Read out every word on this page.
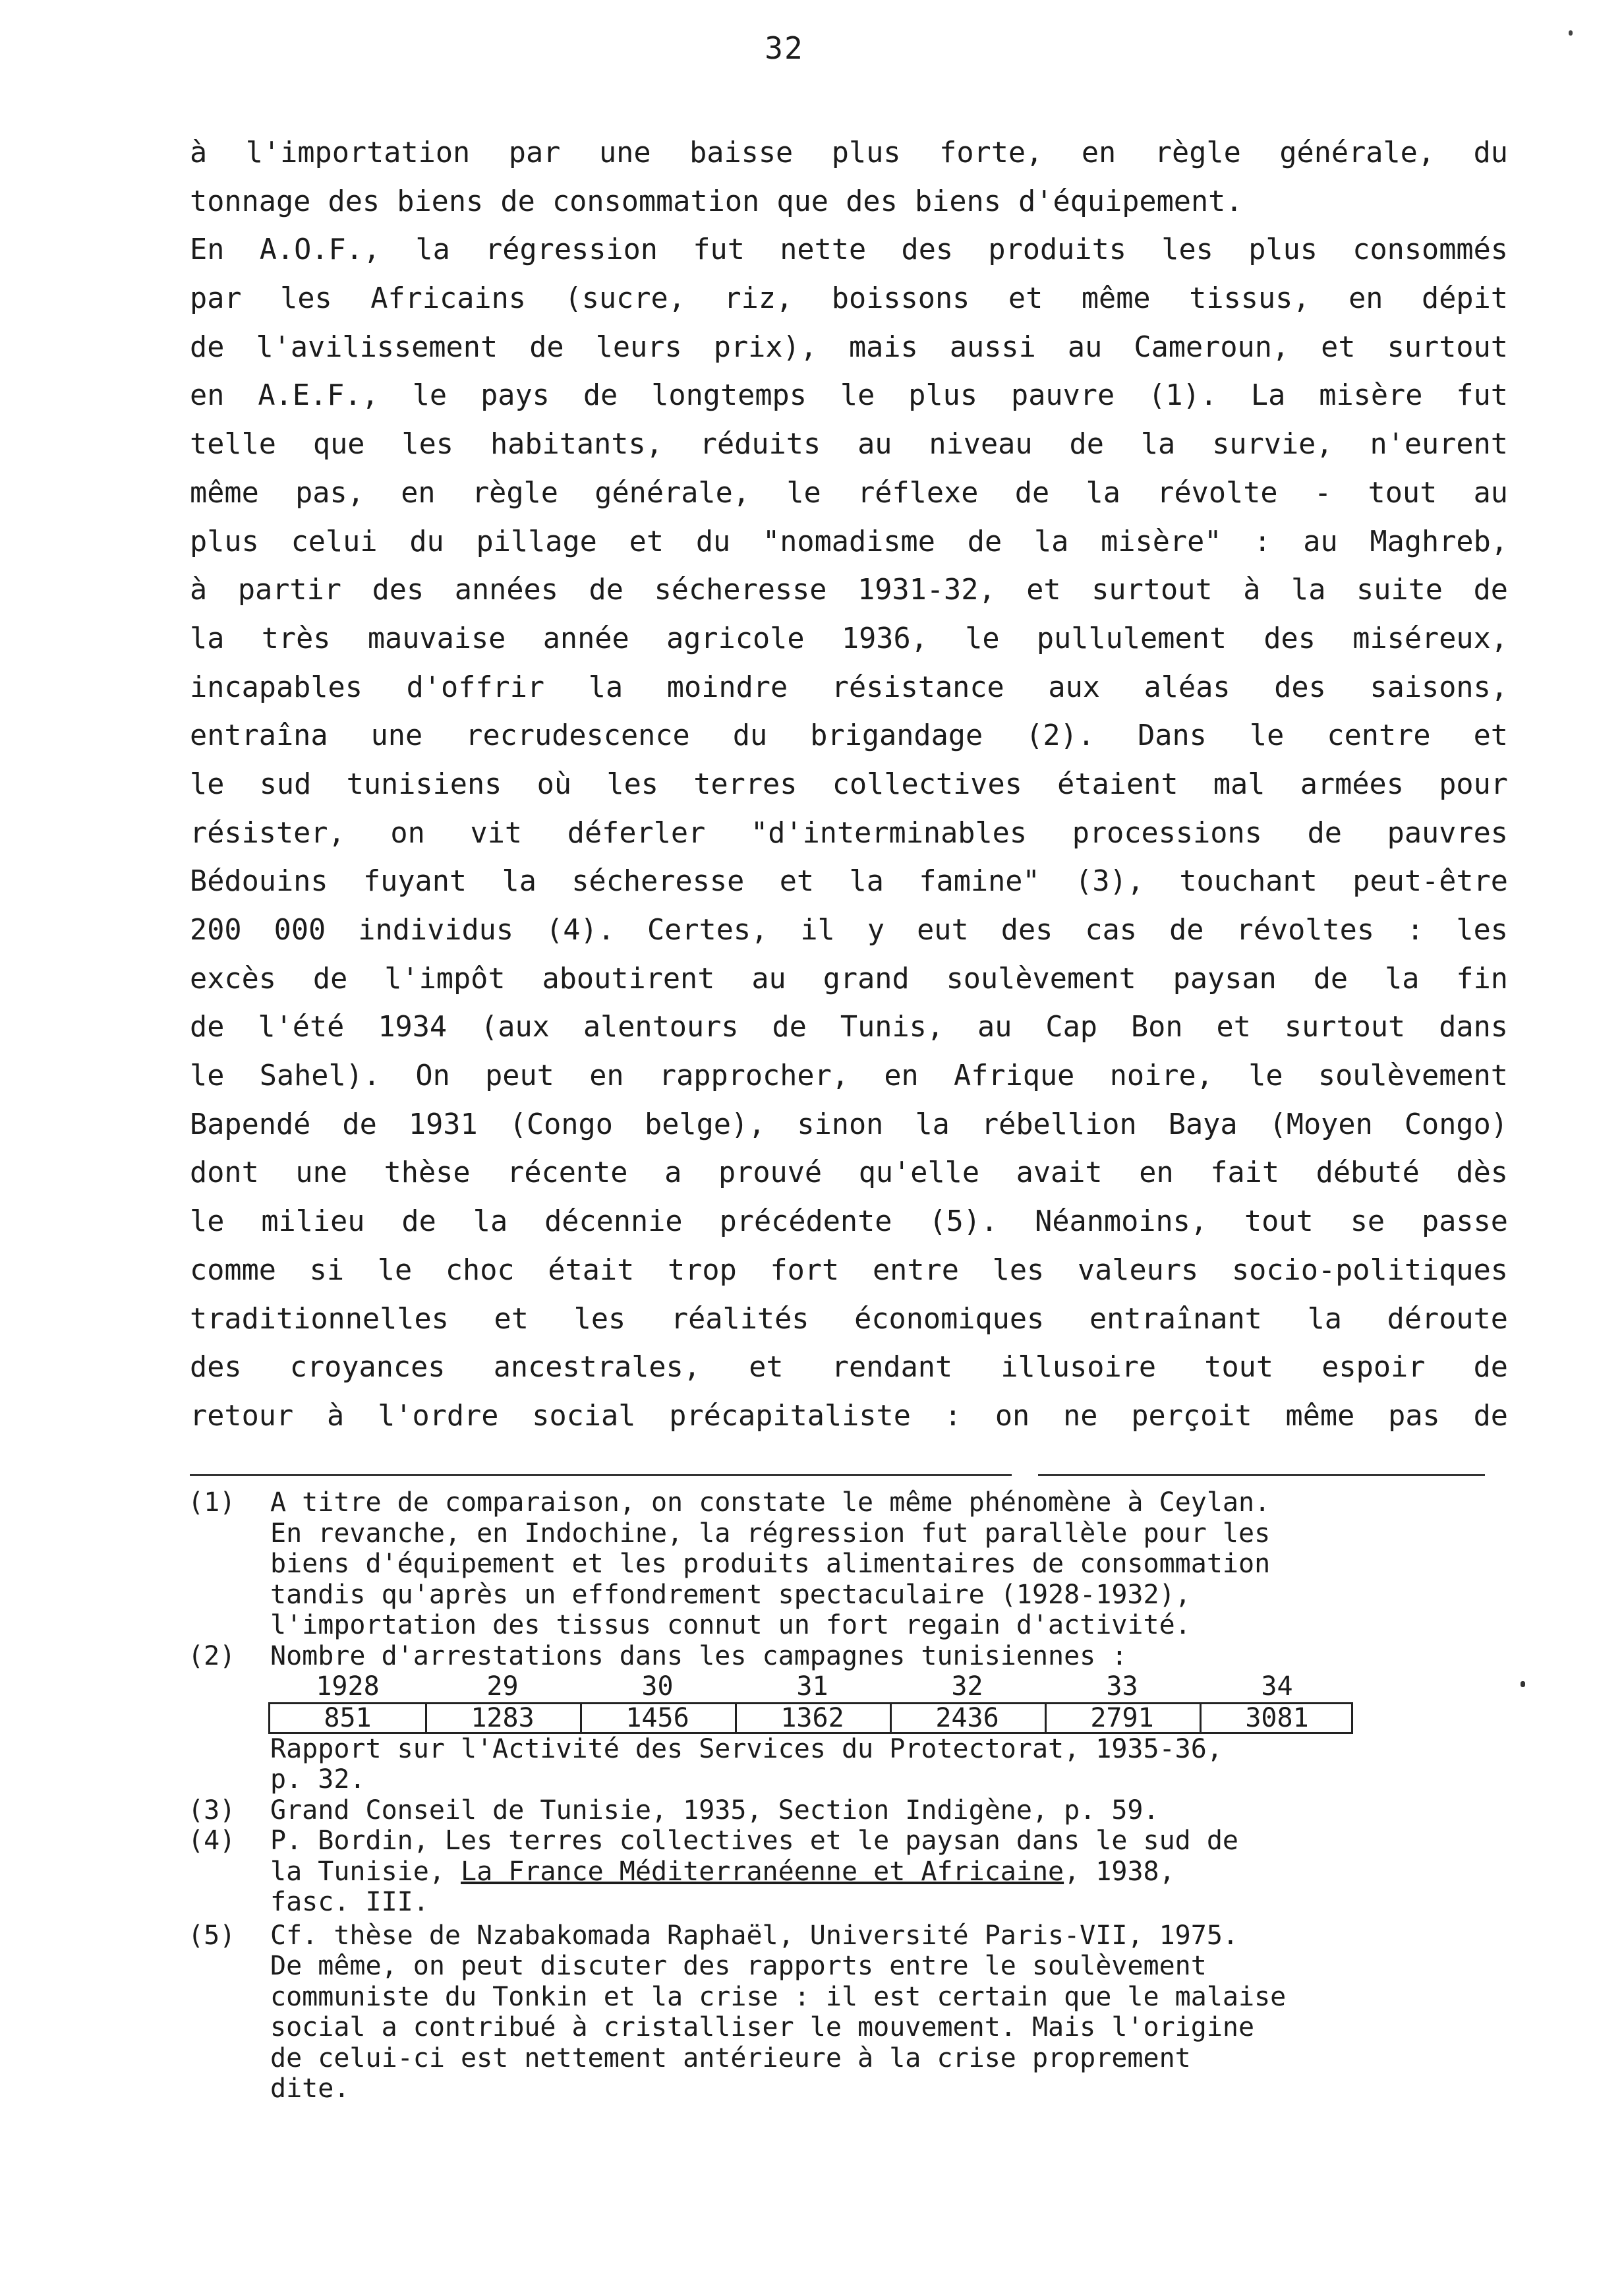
32
à l'importation par une baisse plus forte, en règle générale, du
tonnage des biens de consommation que des biens d'équipement.
En A.O.F., la régression fut nette des produits les plus consommés
par les Africains (sucre, riz, boissons et même tissus, en dépit
de l'avilissement de leurs prix), mais aussi au Cameroun, et surtout
en A.E.F., le pays de longtemps le plus pauvre (1). La misère fut
telle que les habitants, réduits au niveau de la survie, n'eurent
même pas, en règle générale, le réflexe de la révolte - tout au
plus celui du pillage et du "nomadisme de la misère" : au Maghreb,
à partir des années de sécheresse 1931-32, et surtout à la suite de
la très mauvaise année agricole 1936, le pullulement des miséreux,
incapables d'offrir la moindre résistance aux aléas des saisons,
entraîna une recrudescence du brigandage (2). Dans le centre et
le sud tunisiens où les terres collectives étaient mal armées pour
résister, on vit déferler "d'interminables processions de pauvres
Bédouins fuyant la sécheresse et la famine" (3), touchant peut-être
200 000 individus (4). Certes, il y eut des cas de révoltes : les
excès de l'impôt aboutirent au grand soulèvement paysan de la fin
de l'été 1934 (aux alentours de Tunis, au Cap Bon et surtout dans
le Sahel). On peut en rapprocher, en Afrique noire, le soulèvement
Bapendé de 1931 (Congo belge), sinon la rébellion Baya (Moyen Congo)
dont une thèse récente a prouvé qu'elle avait en fait débuté dès
le milieu de la décennie précédente (5). Néanmoins, tout se passe
comme si le choc était trop fort entre les valeurs socio-politiques
traditionnelles et les réalités économiques entraînant la déroute
des croyances ancestrales, et rendant illusoire tout espoir de
retour à l'ordre social précapitaliste : on ne perçoit même pas de
(1) A titre de comparaison, on constate le même phénomène à Ceylan.
En revanche, en Indochine, la régression fut parallèle pour les
biens d'équipement et les produits alimentaires de consommation
tandis qu'après un effondrement spectaculaire (1928-1932),
l'importation des tissus connut un fort regain d'activité.
(2) Nombre d'arrestations dans les campagnes tunisiennes :
1928	29	30	31	32	33	34
851	1283	1456	1362	2436	2791	3081
Rapport sur l'Activité des Services du Protectorat, 1935-36,
p. 32.
(3) Grand Conseil de Tunisie, 1935, Section Indigène, p. 59.
(4) P. Bordin, Les terres collectives et le paysan dans le sud de
la Tunisie, La France Méditerranéenne et Africaine, 1938,
fasc. III.
(5) Cf. thèse de Nzabakomada Raphaël, Université Paris-VII, 1975.
De même, on peut discuter des rapports entre le soulèvement
communiste du Tonkin et la crise : il est certain que le malaise
social a contribué à cristalliser le mouvement. Mais l'origine
de celui-ci est nettement antérieure à la crise proprement
dite.
